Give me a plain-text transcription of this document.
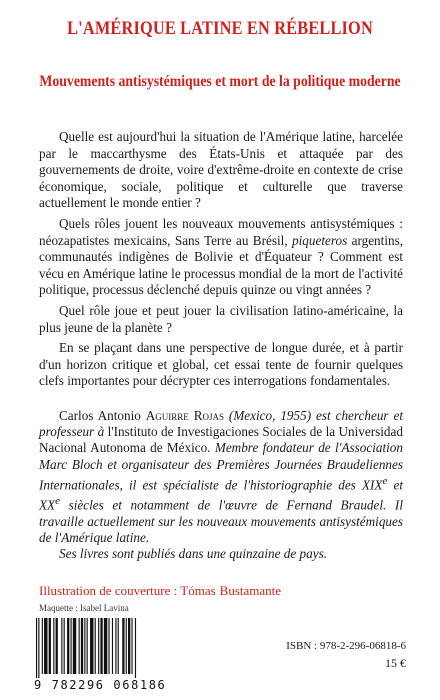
L'AMÉRIQUE LATINE EN RÉBELLION
Mouvements antisystémiques et mort de la politique moderne

Quelle est aujourd'hui la situation de l'Amérique latine, harcelée par le maccarthysme des États-Unis et attaquée par des gouvernements de droite, voire d'extrême-droite en contexte de crise économique, sociale, politique et culturelle que traverse actuellement le monde entier ?

Quels rôles jouent les nouveaux mouvements antisystémiques : néozapatistes mexicains, Sans Terre au Brésil, piqueteros argentins, communautés indigènes de Bolivie et d'Équateur ? Comment est vécu en Amérique latine le processus mondial de la mort de l'activité politique, processus déclenché depuis quinze ou vingt années ?

Quel rôle joue et peut jouer la civilisation latino-américaine, la plus jeune de la planète ?

En se plaçant dans une perspective de longue durée, et à partir d'un horizon critique et global, cet essai tente de fournir quelques clefs importantes pour décrypter ces interrogations fondamentales.

Carlos Antonio Aguirre Rojas (Mexico, 1955) est chercheur et professeur à l'Instituto de Investigaciones Sociales de la Universidad Nacional Autonoma de México. Membre fondateur de l'Association Marc Bloch et organisateur des Premières Journées Braudeliennes Internationales, il est spécialiste de l'historiographie des XIXe et XXe siècles et notamment de l'œuvre de Fernand Braudel. Il travaille actuellement sur les nouveaux mouvements antisystémiques de l'Amérique latine.

Ses livres sont publiés dans une quinzaine de pays.

Illustration de couverture : Tómas Bustamante
Maquette : Isabel Lavina
9 782296 068186
ISBN : 978-2-296-06818-6
15 €
